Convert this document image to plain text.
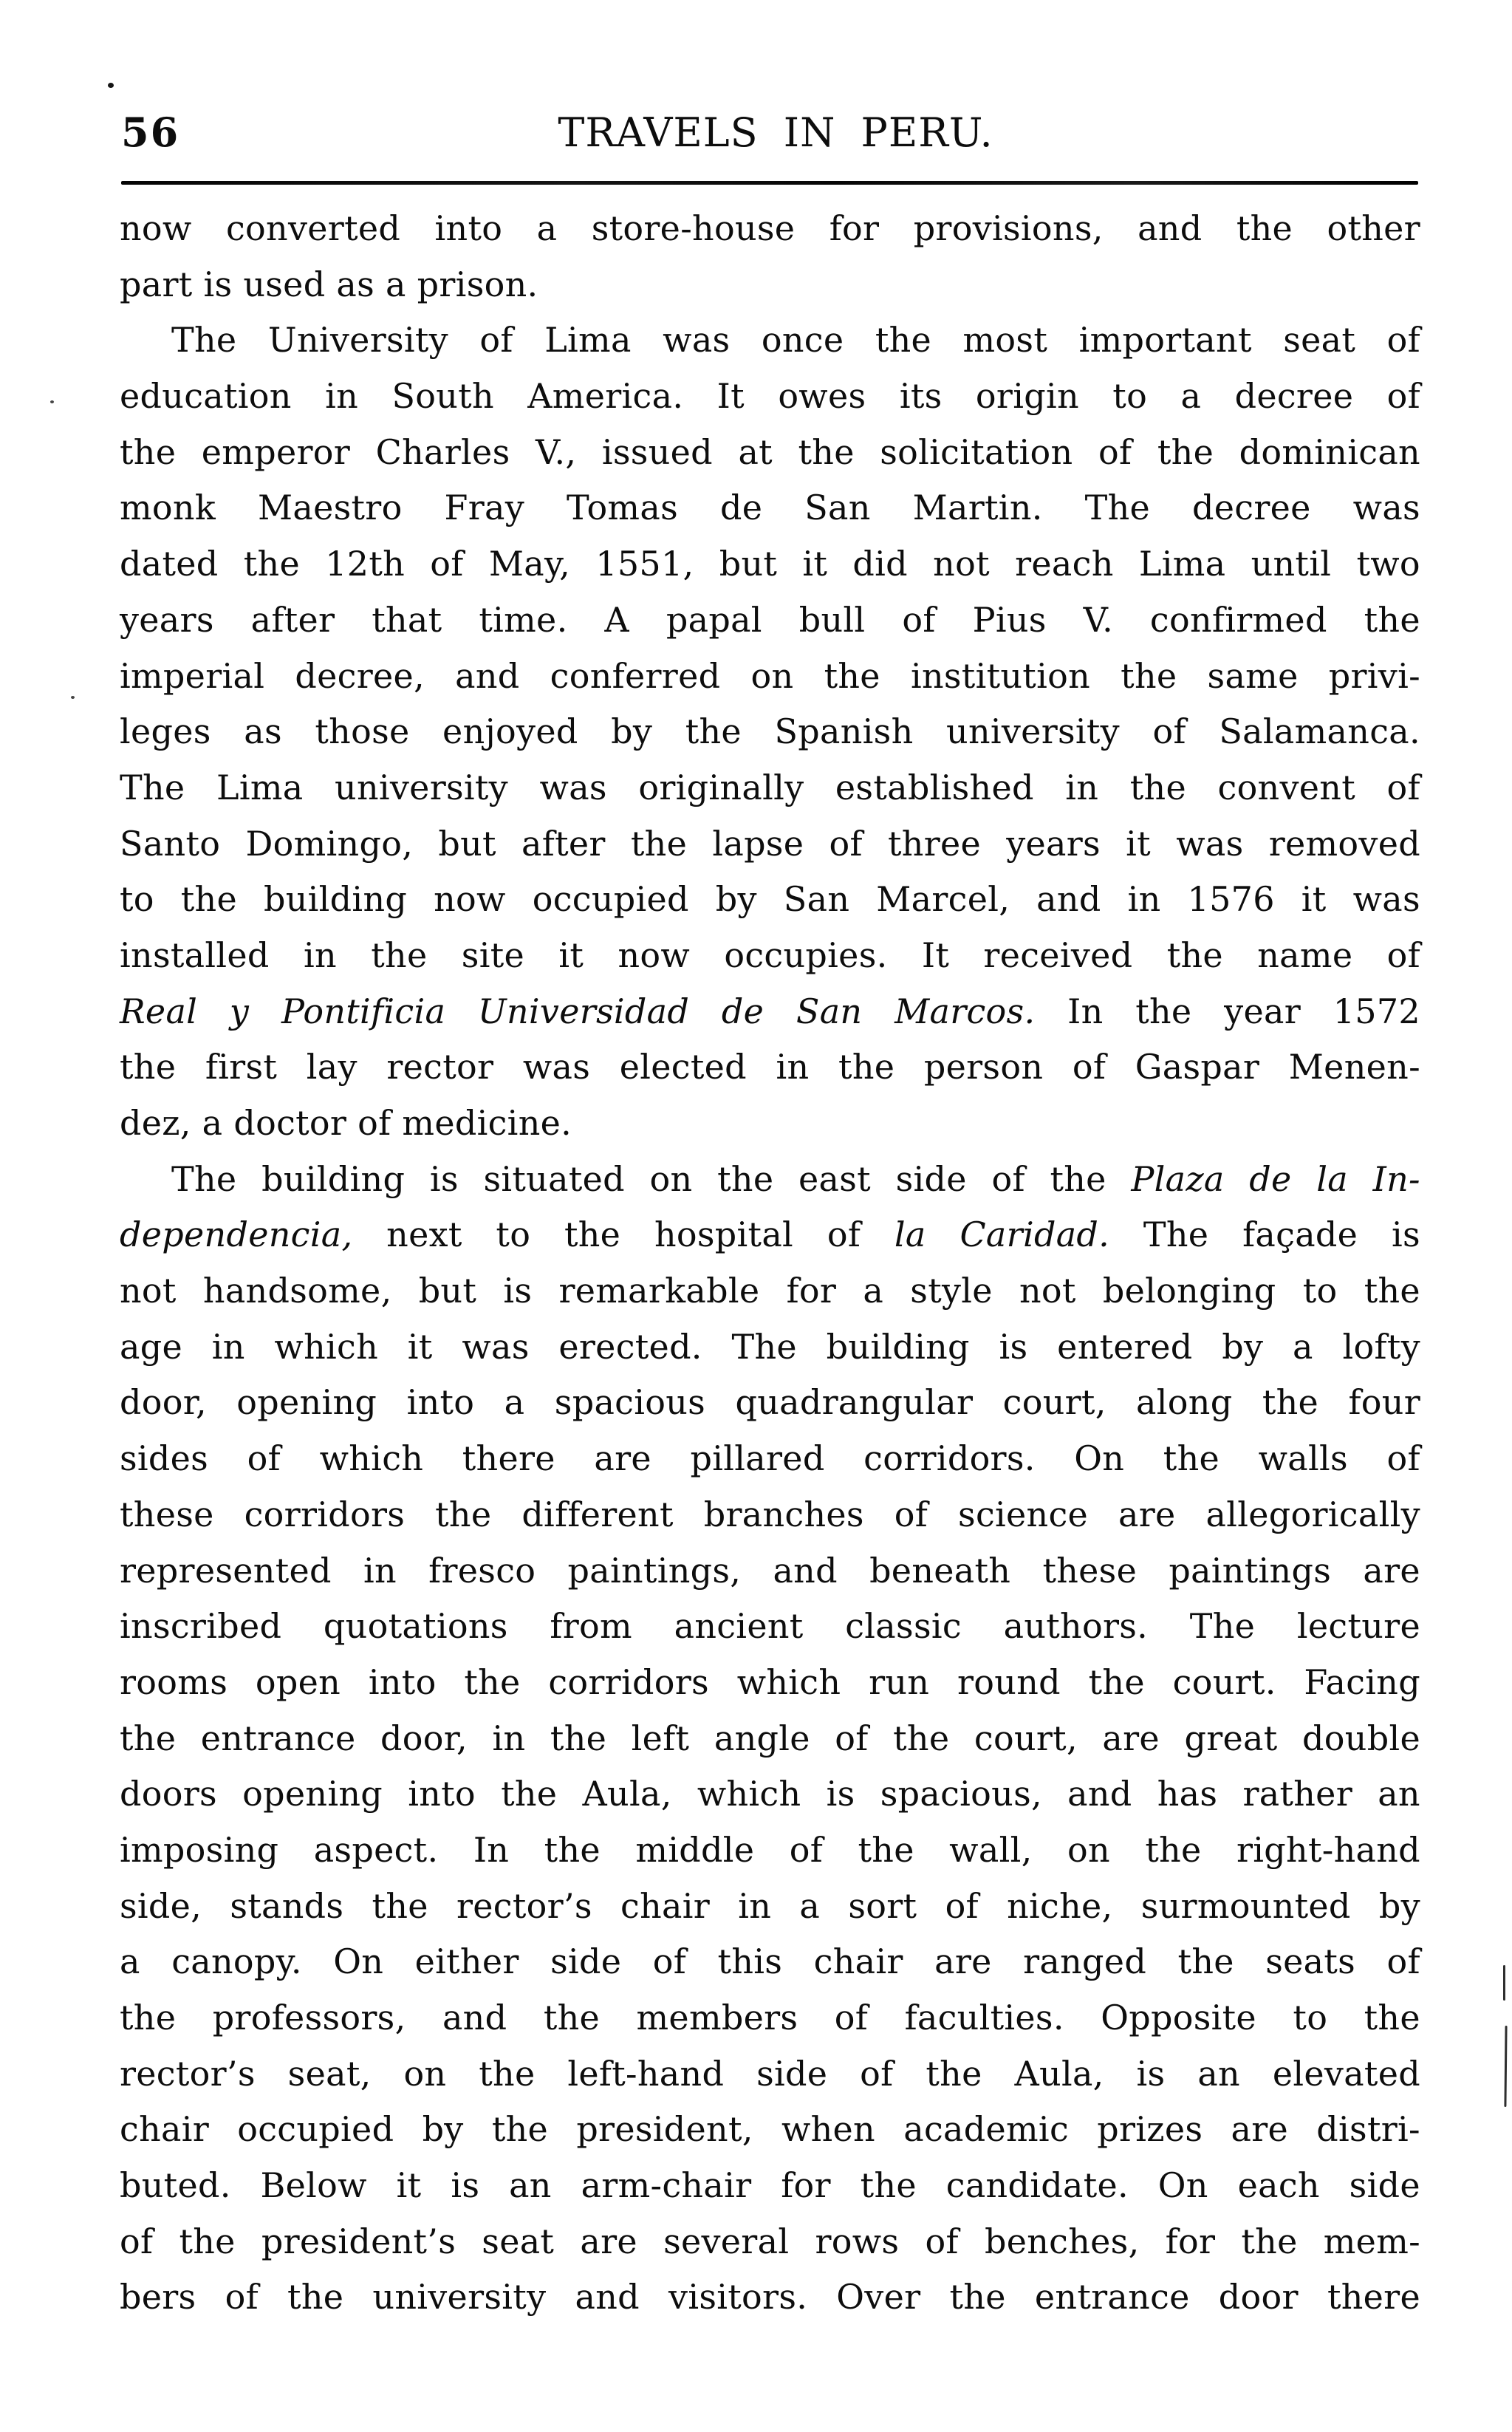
56	TRAVELS IN PERU.
now converted into a store-house for provisions, and the other
part is used as a prison.
The University of Lima was once the most important seat of
education in South America. It owes its origin to a decree of
the emperor Charles V., issued at the solicitation of the dominican
monk Maestro Fray Tomas de San Martin. The decree was
dated the 12th of May, 1551, but it did not reach Lima until two
years after that time. A papal bull of Pius V. confirmed the
imperial decree, and conferred on the institution the same privi-
leges as those enjoyed by the Spanish university of Salamanca.
The Lima university was originally established in the convent of
Santo Domingo, but after the lapse of three years it was removed
to the building now occupied by San Marcel, and in 1576 it was
installed in the site it now occupies. It received the name of
Real y Pontificia Universidad de San Marcos. In the year 1572
the first lay rector was elected in the person of Gaspar Menen-
dez, a doctor of medicine.
The building is situated on the east side of the Plaza de la In-
dependencia, next to the hospital of la Caridad. The façade is
not handsome, but is remarkable for a style not belonging to the
age in which it was erected. The building is entered by a lofty
door, opening into a spacious quadrangular court, along the four
sides of which there are pillared corridors. On the walls of
these corridors the different branches of science are allegorically
represented in fresco paintings, and beneath these paintings are
inscribed quotations from ancient classic authors. The lecture
rooms open into the corridors which run round the court. Facing
the entrance door, in the left angle of the court, are great double
doors opening into the Aula, which is spacious, and has rather an
imposing aspect. In the middle of the wall, on the right-hand
side, stands the rector’s chair in a sort of niche, surmounted by
a canopy. On either side of this chair are ranged the seats of
the professors, and the members of faculties. Opposite to the
rector’s seat, on the left-hand side of the Aula, is an elevated
chair occupied by the president, when academic prizes are distri-
buted. Below it is an arm-chair for the candidate. On each side
of the president’s seat are several rows of benches, for the mem-
bers of the university and visitors. Over the entrance door there
